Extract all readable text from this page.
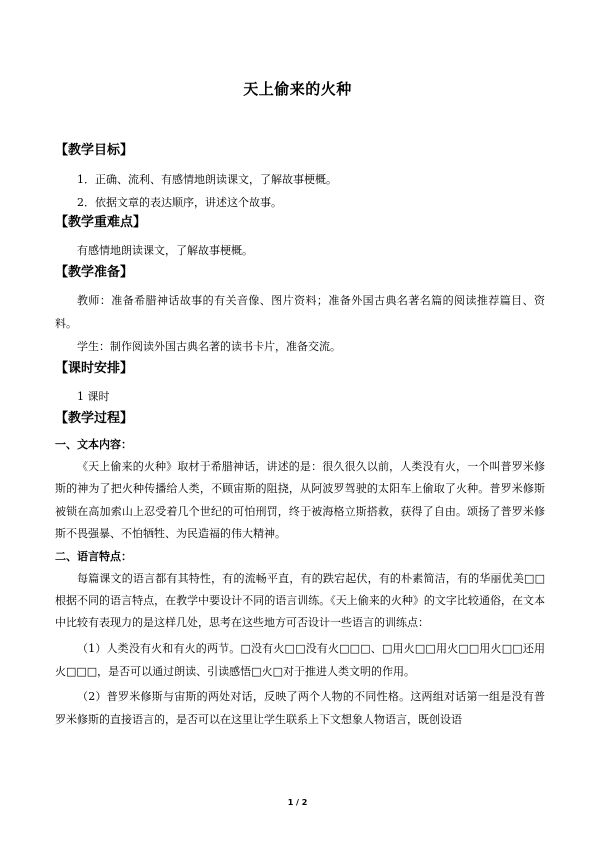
天上偷来的火种

【教学目标】

1．正确、流利、有感情地朗读课文，了解故事梗概。

2．依据文章的表达顺序，讲述这个故事。

【教学重难点】

有感情地朗读课文，了解故事梗概。

【教学准备】

教师：准备希腊神话故事的有关音像、图片资料；准备外国古典名著名篇的阅读推荐篇目、资料。

学生：制作阅读外国古典名著的读书卡片，准备交流。

【课时安排】

1 课时

【教学过程】

一、文本内容：

《天上偷来的火种》取材于希腊神话，讲述的是：很久很久以前，人类没有火，一个叫普罗米修斯的神为了把火种传播给人类，不顾宙斯的阻挠，从阿波罗驾驶的太阳车上偷取了火种。普罗米修斯被锁在高加索山上忍受着几个世纪的可怕刑罚，终于被海格立斯搭救，获得了自由。颂扬了普罗米修斯不畏强暴、不怕牺牲、为民造福的伟大精神。

二、语言特点：

每篇课文的语言都有其特性，有的流畅平直，有的跌宕起伏，有的朴素简洁，有的华丽优美□□根据不同的语言特点，在教学中要设计不同的语言训练。《天上偷来的火种》的文字比较通俗，在文本中比较有表现力的是这样几处，思考在这些地方可否设计一些语言的训练点：

（1）人类没有火和有火的两节。□没有火□□没有火□□□、□用火□□用火□□用火□□还用火□□□，是否可以通过朗读、引读感悟□火□对于推进人类文明的作用。

（2）普罗米修斯与宙斯的两处对话，反映了两个人物的不同性格。这两组对话第一组是没有普罗米修斯的直接语言的，是否可以在这里让学生联系上下文想象人物语言，既创设语

1 / 2
